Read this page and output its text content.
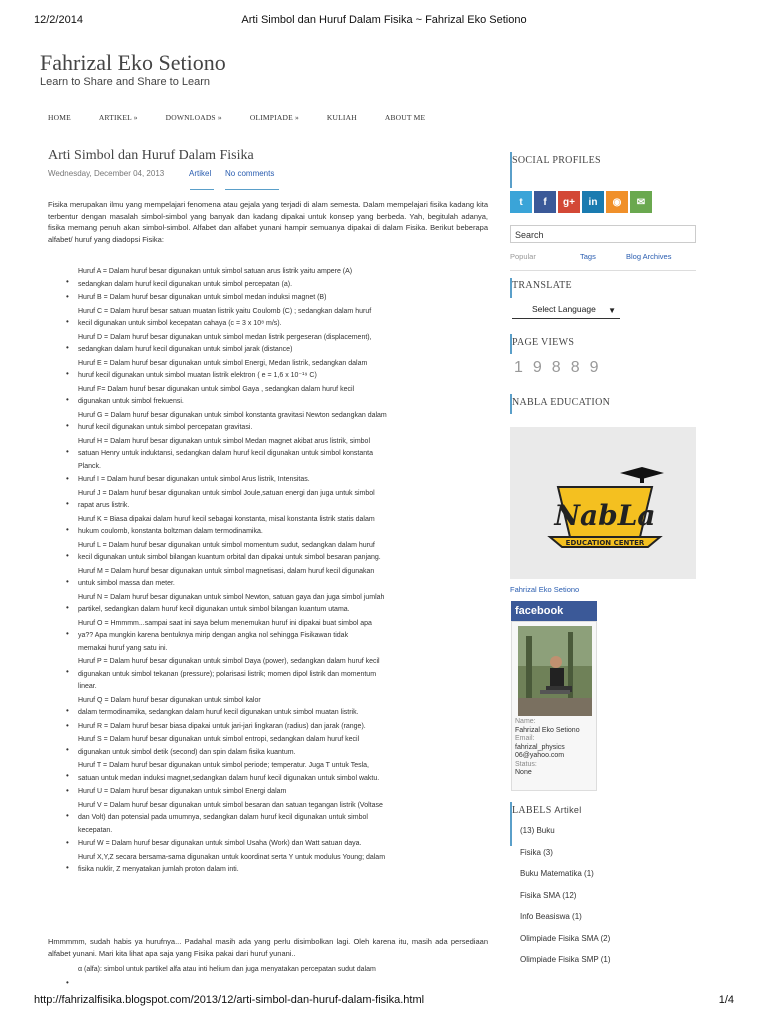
12/2/2014	Arti Simbol dan Huruf Dalam Fisika ~ Fahrizal Eko Setiono
Fahrizal Eko Setiono
Learn to Share and Share to Learn
HOME	ARTIKEL »	DOWNLOADS »	OLIMPIADE »	KULIAH	ABOUT ME
Arti Simbol dan Huruf Dalam Fisika
Wednesday, December 04, 2013	Artikel No comments
Fisika merupakan ilmu yang mempelajari fenomena atau gejala yang terjadi di alam semesta. Dalam mempelajari fisika kadang kita terbentur dengan masalah simbol-simbol yang banyak dan kadang dipakai untuk konsep yang berbeda. Yah, begitulah adanya, fisika memang penuh akan simbol-simbol. Alfabet dan alfabet yunani hampir semuanya dipakai di dalam Fisika. Berikut beberapa alfabet/ huruf yang diadopsi Fisika:
•
Huruf A = Dalam huruf besar digunakan untuk simbol satuan arus listrik yaitu ampere (A)
sedangkan dalam huruf kecil digunakan untuk simbol percepatan (a).
• Huruf B = Dalam huruf besar digunakan untuk simbol medan induksi magnet (B)
•
Huruf C = Dalam huruf besar satuan muatan listrik yaitu Coulomb (C) ; sedangkan dalam huruf
kecil digunakan untuk simbol kecepatan cahaya (c = 3 x 10⁸ m/s).
•
Huruf D = Dalam huruf besar digunakan untuk simbol medan listrik pergeseran (displacement),
sedangkan dalam huruf kecil digunakan untuk simbol jarak (distance)
•
Huruf E = Dalam huruf besar digunakan untuk simbol Energi, Medan listrik, sedangkan dalam
huruf kecil digunakan untuk simbol muatan listrik elektron ( e = 1,6 x 10⁻¹⁹ C)
•
Huruf F= Dalam huruf besar digunakan untuk simbol Gaya , sedangkan dalam huruf kecil
digunakan untuk simbol frekuensi.
•
Huruf G = Dalam huruf besar digunakan untuk simbol konstanta gravitasi Newton sedangkan dalam
huruf kecil digunakan untuk simbol percepatan gravitasi.
•
Huruf H = Dalam huruf besar digunakan untuk simbol Medan magnet akibat arus listrik, simbol
satuan Henry untuk induktansi, sedangkan dalam huruf kecil digunakan untuk simbol konstanta
Planck.
• Huruf I = Dalam huruf besar digunakan untuk simbol Arus listrik, Intensitas.
•
Huruf J = Dalam huruf besar digunakan untuk simbol Joule,satuan energi dan juga untuk simbol
rapat arus listrik.
•
Huruf K = Biasa dipakai dalam huruf kecil sebagai konstanta, misal konstanta listrik statis dalam
hukum coulomb, konstanta boltzman dalam termodinamika.
•
Huruf L = Dalam huruf besar digunakan untuk simbol momentum sudut, sedangkan dalam huruf
kecil digunakan untuk simbol bilangan kuantum orbital dan dipakai untuk simbol besaran panjang.
•
Huruf M = Dalam huruf besar digunakan untuk simbol magnetisasi, dalam huruf kecil digunakan
untuk simbol massa dan meter.
•
Huruf N = Dalam huruf besar digunakan untuk simbol Newton, satuan gaya dan juga simbol jumlah
partikel, sedangkan dalam huruf kecil digunakan untuk simbol bilangan kuantum utama.
•
Huruf O = Hmmmm...sampai saat ini saya belum menemukan huruf ini dipakai buat simbol apa
ya?? Apa mungkin karena bentuknya mirip dengan angka nol sehingga Fisikawan tidak
memakai huruf yang satu ini.
•
Huruf P = Dalam huruf besar digunakan untuk simbol Daya (power), sedangkan dalam huruf kecil
digunakan untuk simbol tekanan (pressure); polarisasi listrik; momen dipol listrik dan momentum
linear.
•
Huruf Q = Dalam huruf besar digunakan untuk simbol kalor
dalam termodinamika, sedangkan dalam huruf kecil digunakan untuk simbol muatan listrik.
• Huruf R = Dalam huruf besar biasa dipakai untuk jari-jari lingkaran (radius) dan jarak (range).
•
Huruf S = Dalam huruf besar digunakan untuk simbol entropi, sedangkan dalam huruf kecil
digunakan untuk simbol detik (second) dan spin dalam fisika kuantum.
•
Huruf T = Dalam huruf besar digunakan untuk simbol periode; temperatur. Juga T untuk Tesla,
satuan untuk medan induksi magnet,sedangkan dalam huruf kecil digunakan untuk simbol waktu.
• Huruf U = Dalam huruf besar digunakan untuk simbol Energi dalam
•
Huruf V = Dalam huruf besar digunakan untuk simbol besaran dan satuan tegangan listrik (Voltase
dan Volt) dan potensial pada umumnya, sedangkan dalam huruf kecil digunakan untuk simbol
kecepatan.
• Huruf W = Dalam huruf besar digunakan untuk simbol Usaha (Work) dan Watt satuan daya.
•
Huruf X,Y,Z secara bersama-sama digunakan untuk koordinat serta Y untuk modulus Young; dalam
fisika nuklir, Z menyatakan jumlah proton dalam inti.
Hmmmmm, sudah habis ya hurufnya... Padahal masih ada yang perlu disimbolkan lagi. Oleh karena itu, masih ada persediaan alfabet yunani. Mari kita lihat apa saja yang Fisika pakai dari huruf yunani..
α (alfa): simbol untuk partikel alfa atau inti helium dan juga menyatakan percepatan sudut dalam
•
SOCIAL PROFILES
t	f	g+	in	◉	✉
Search
Popular	Tags	Blog Archives
TRANSLATE
Select Language ▼
PAGE VIEWS
19889
NABLA EDUCATION
NabLa
EDUCATION CENTER
Fahrizal Eko Setiono
facebook
Name:
Fahrizal Eko Setiono
Email:
fahrizal_physics 06@yahoo.com
Status:
None
LABELS Artikel
(13) Buku
Fisika (3)
Buku Matematika (1)
Fisika SMA (12)
Info Beasiswa (1)
Olimpiade Fisika SMA (2)
Olimpiade Fisika SMP (1)
http://fahrizalfisika.blogspot.com/2013/12/arti-simbol-dan-huruf-dalam-fisika.html	1/4
